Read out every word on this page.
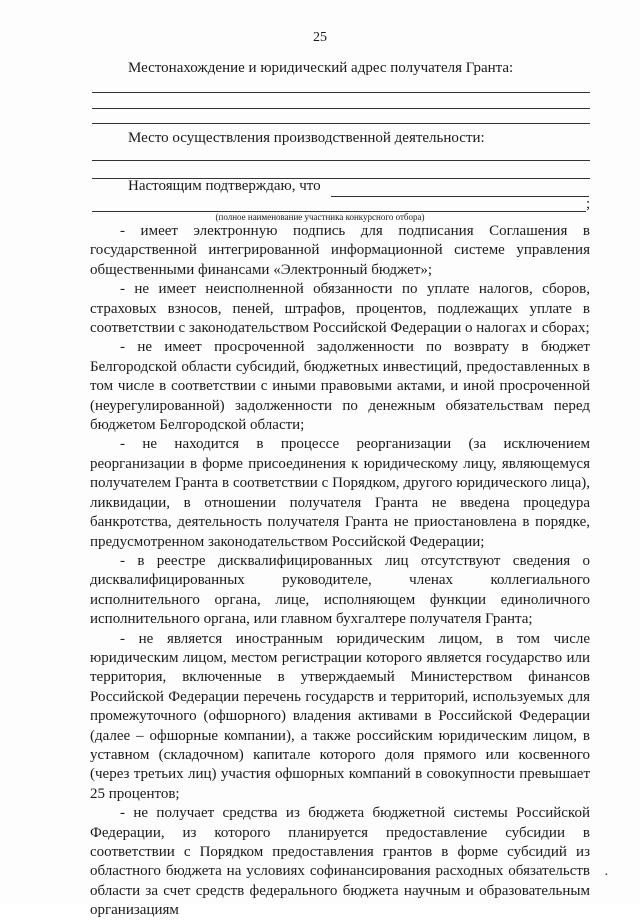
25
Местонахождение и юридический адрес получателя Гранта:
Место осуществления производственной деятельности:
Настоящим подтверждаю, что
;
(полное наименование участника конкурсного отбора)

- имеет электронную подпись для подписания Соглашения в государственной интегрированной информационной системе управления общественными финансами «Электронный бюджет»;

- не имеет неисполненной обязанности по уплате налогов, сборов, страховых взносов, пеней, штрафов, процентов, подлежащих уплате в соответствии с законодательством Российской Федерации о налогах и сборах;

- не имеет просроченной задолженности по возврату в бюджет Белгородской области субсидий, бюджетных инвестиций, предоставленных в том числе в соответствии с иными правовыми актами, и иной просроченной (неурегулированной) задолженности по денежным обязательствам перед бюджетом Белгородской области;

- не находится в процессе реорганизации (за исключением реорганизации в форме присоединения к юридическому лицу, являющемуся получателем Гранта в соответствии с Порядком, другого юридического лица), ликвидации, в отношении получателя Гранта не введена процедура банкротства, деятельность получателя Гранта не приостановлена в порядке, предусмотренном законодательством Российской Федерации;

- в реестре дисквалифицированных лиц отсутствуют сведения о дисквалифицированных руководителе, членах коллегиального исполнительного органа, лице, исполняющем функции единоличного исполнительного органа, или главном бухгалтере получателя Гранта;

- не является иностранным юридическим лицом, в том числе юридическим лицом, местом регистрации которого является государство или территория, включенные в утверждаемый Министерством финансов Российской Федерации перечень государств и территорий, используемых для промежуточного (офшорного) владения активами в Российской Федерации (далее – офшорные компании), а также российским юридическим лицом, в уставном (складочном) капитале которого доля прямого или косвенного (через третьих лиц) участия офшорных компаний в совокупности превышает 25 процентов;

- не получает средства из бюджета бюджетной системы Российской Федерации, из которого планируется предоставление субсидии в соответствии с Порядком предоставления грантов в форме субсидий из областного бюджета на условиях софинансирования расходных обязательств области за счет средств федерального бюджета научным и образовательным организациям

·
